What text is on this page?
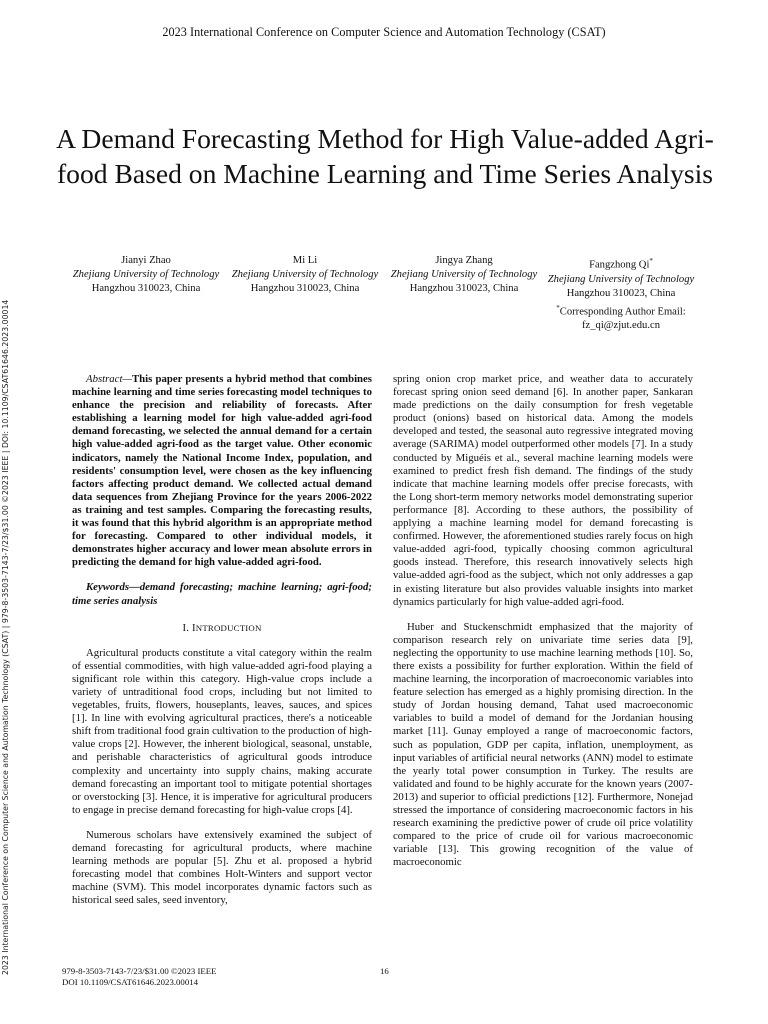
2023 International Conference on Computer Science and Automation Technology (CSAT)
2023 International Conference on Computer Science and Automation Technology (CSAT) | 979-8-3503-7143-7/23/$31.00 ©2023 IEEE | DOI: 10.1109/CSAT61646.2023.00014
A Demand Forecasting Method for High Value-added Agri-food Based on Machine Learning and Time Series Analysis
Jianyi Zhao
Zhejiang University of Technology
Hangzhou 310023, China
Mi Li
Zhejiang University of Technology
Hangzhou 310023, China
Jingya Zhang
Zhejiang University of Technology
Hangzhou 310023, China
Fangzhong Qi*
Zhejiang University of Technology
Hangzhou 310023, China
*Corresponding Author Email:
fz_qi@zjut.edu.cn

Abstract—This paper presents a hybrid method that combines machine learning and time series forecasting model techniques to enhance the precision and reliability of forecasts. After establishing a learning model for high value-added agri-food demand forecasting, we selected the annual demand for a certain high value-added agri-food as the target value. Other economic indicators, namely the National Income Index, population, and residents' consumption level, were chosen as the key influencing factors affecting product demand. We collected actual demand data sequences from Zhejiang Province for the years 2006-2022 as training and test samples. Comparing the forecasting results, it was found that this hybrid algorithm is an appropriate method for forecasting. Compared to other individual models, it demonstrates higher accuracy and lower mean absolute errors in predicting the demand for high value-added agri-food.

Keywords—demand forecasting; machine learning; agri-food; time series analysis

I. INTRODUCTION

Agricultural products constitute a vital category within the realm of essential commodities, with high value-added agri-food playing a significant role within this category. High-value crops include a variety of untraditional food crops, including but not limited to vegetables, fruits, flowers, houseplants, leaves, sauces, and spices [1]. In line with evolving agricultural practices, there's a noticeable shift from traditional food grain cultivation to the production of high-value crops [2]. However, the inherent biological, seasonal, unstable, and perishable characteristics of agricultural goods introduce complexity and uncertainty into supply chains, making accurate demand forecasting an important tool to mitigate potential shortages or overstocking [3]. Hence, it is imperative for agricultural producers to engage in precise demand forecasting for high-value crops [4].

Numerous scholars have extensively examined the subject of demand forecasting for agricultural products, where machine learning methods are popular [5]. Zhu et al. proposed a hybrid forecasting model that combines Holt-Winters and support vector machine (SVM). This model incorporates dynamic factors such as historical seed sales, seed inventory,

spring onion crop market price, and weather data to accurately forecast spring onion seed demand [6]. In another paper, Sankaran made predictions on the daily consumption for fresh vegetable product (onions) based on historical data. Among the models developed and tested, the seasonal auto regressive integrated moving average (SARIMA) model outperformed other models [7]. In a study conducted by Miguéis et al., several machine learning models were examined to predict fresh fish demand. The findings of the study indicate that machine learning models offer precise forecasts, with the Long short-term memory networks model demonstrating superior performance [8]. According to these authors, the possibility of applying a machine learning model for demand forecasting is confirmed. However, the aforementioned studies rarely focus on high value-added agri-food, typically choosing common agricultural goods instead. Therefore, this research innovatively selects high value-added agri-food as the subject, which not only addresses a gap in existing literature but also provides valuable insights into market dynamics particularly for high value-added agri-food.

Huber and Stuckenschmidt emphasized that the majority of comparison research rely on univariate time series data [9], neglecting the opportunity to use machine learning methods [10]. So, there exists a possibility for further exploration. Within the field of machine learning, the incorporation of macroeconomic variables into feature selection has emerged as a highly promising direction. In the study of Jordan housing demand, Tahat used macroeconomic variables to build a model of demand for the Jordanian housing market [11]. Gunay employed a range of macroeconomic factors, such as population, GDP per capita, inflation, unemployment, as input variables of artificial neural networks (ANN) model to estimate the yearly total power consumption in Turkey. The results are validated and found to be highly accurate for the known years (2007-2013) and superior to official predictions [12]. Furthermore, Nonejad stressed the importance of considering macroeconomic factors in his research examining the predictive power of crude oil price volatility compared to the price of crude oil for various macroeconomic variable [13]. This growing recognition of the value of macroeconomic

979-8-3503-7143-7/23/$31.00 ©2023 IEEE
DOI 10.1109/CSAT61646.2023.00014
16
